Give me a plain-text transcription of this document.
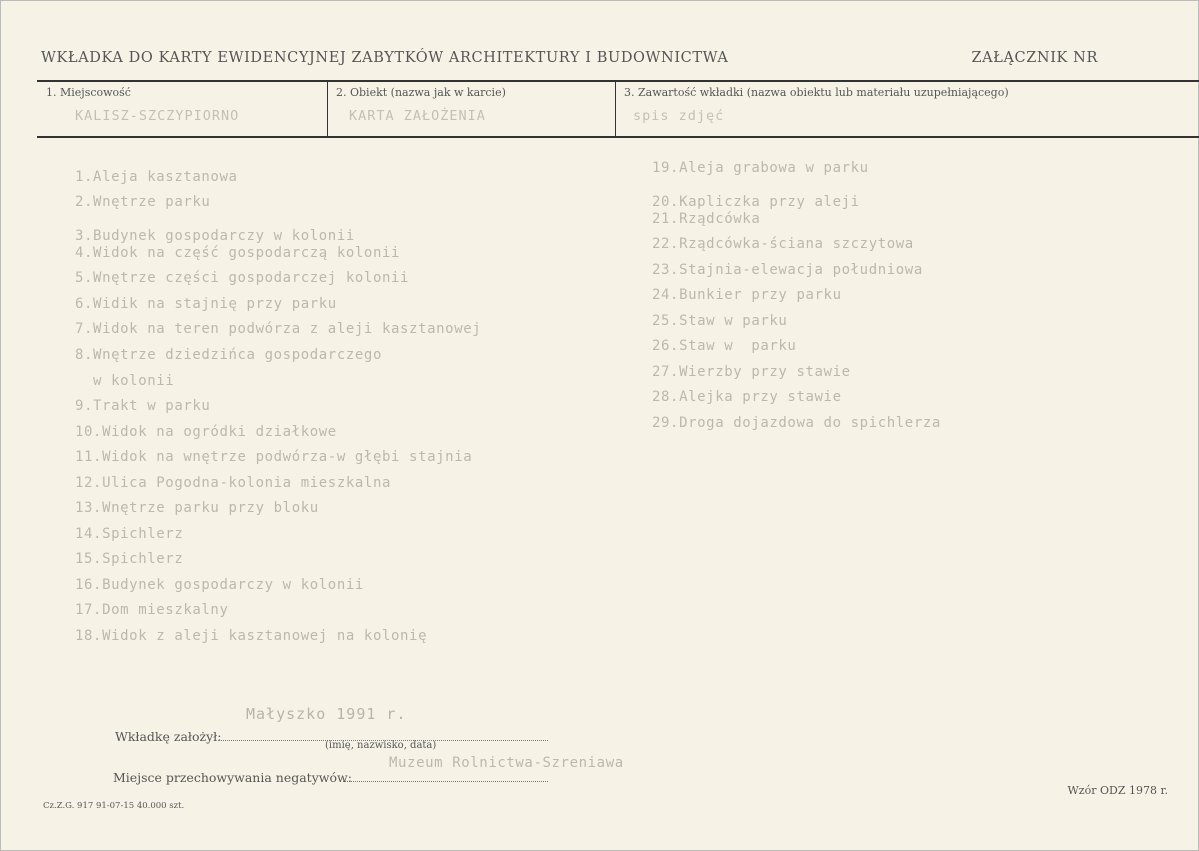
WKŁADKA DO KARTY EWIDENCYJNEJ ZABYTKÓW ARCHITEKTURY I BUDOWNICTWA	ZAŁĄCZNIK NR
1. Miejscowość
KALISZ-SZCZYPIORNO
2. Obiekt (nazwa jak w karcie)
KARTA ZAŁOŻENIA
3. Zawartość wkładki (nazwa obiektu lub materiału uzupełniającego)
spis zdjęć

1.Aleja kasztanowa

2.Wnętrze parku

3.Budynek gospodarczy w kolonii

4.Widok na część gospodarczą kolonii

5.Wnętrze części gospodarczej kolonii

6.Widik na stajnię przy parku

7.Widok na teren podwórza z aleji kasztanowej

8.Wnętrze dziedzińca gospodarczego

w kolonii

9.Trakt w parku

10.Widok na ogródki działkowe

11.Widok na wnętrze podwórza-w głębi stajnia

12.Ulica Pogodna-kolonia mieszkalna

13.Wnętrze parku przy bloku

14.Spichlerz

15.Spichlerz

16.Budynek gospodarczy w kolonii

17.Dom mieszkalny

18.Widok z aleji kasztanowej na kolonię

19.Aleja grabowa w parku

20.Kapliczka przy aleji

21.Rządcówka

22.Rządcówka-ściana szczytowa

23.Stajnia-elewacja południowa

24.Bunkier przy parku

25.Staw w parku

26.Staw w  parku

27.Wierzby przy stawie

28.Alejka przy stawie

29.Droga dojazdowa do spichlerza

Małyszko 1991 r.
Wkładkę założył:
(imię, nazwisko, data)
Muzeum Rolnictwa-Szreniawa
Miejsce przechowywania negatywów:
Cz.Z.G. 917 91-07-15 40.000 szt.
Wzór ODZ 1978 r.
